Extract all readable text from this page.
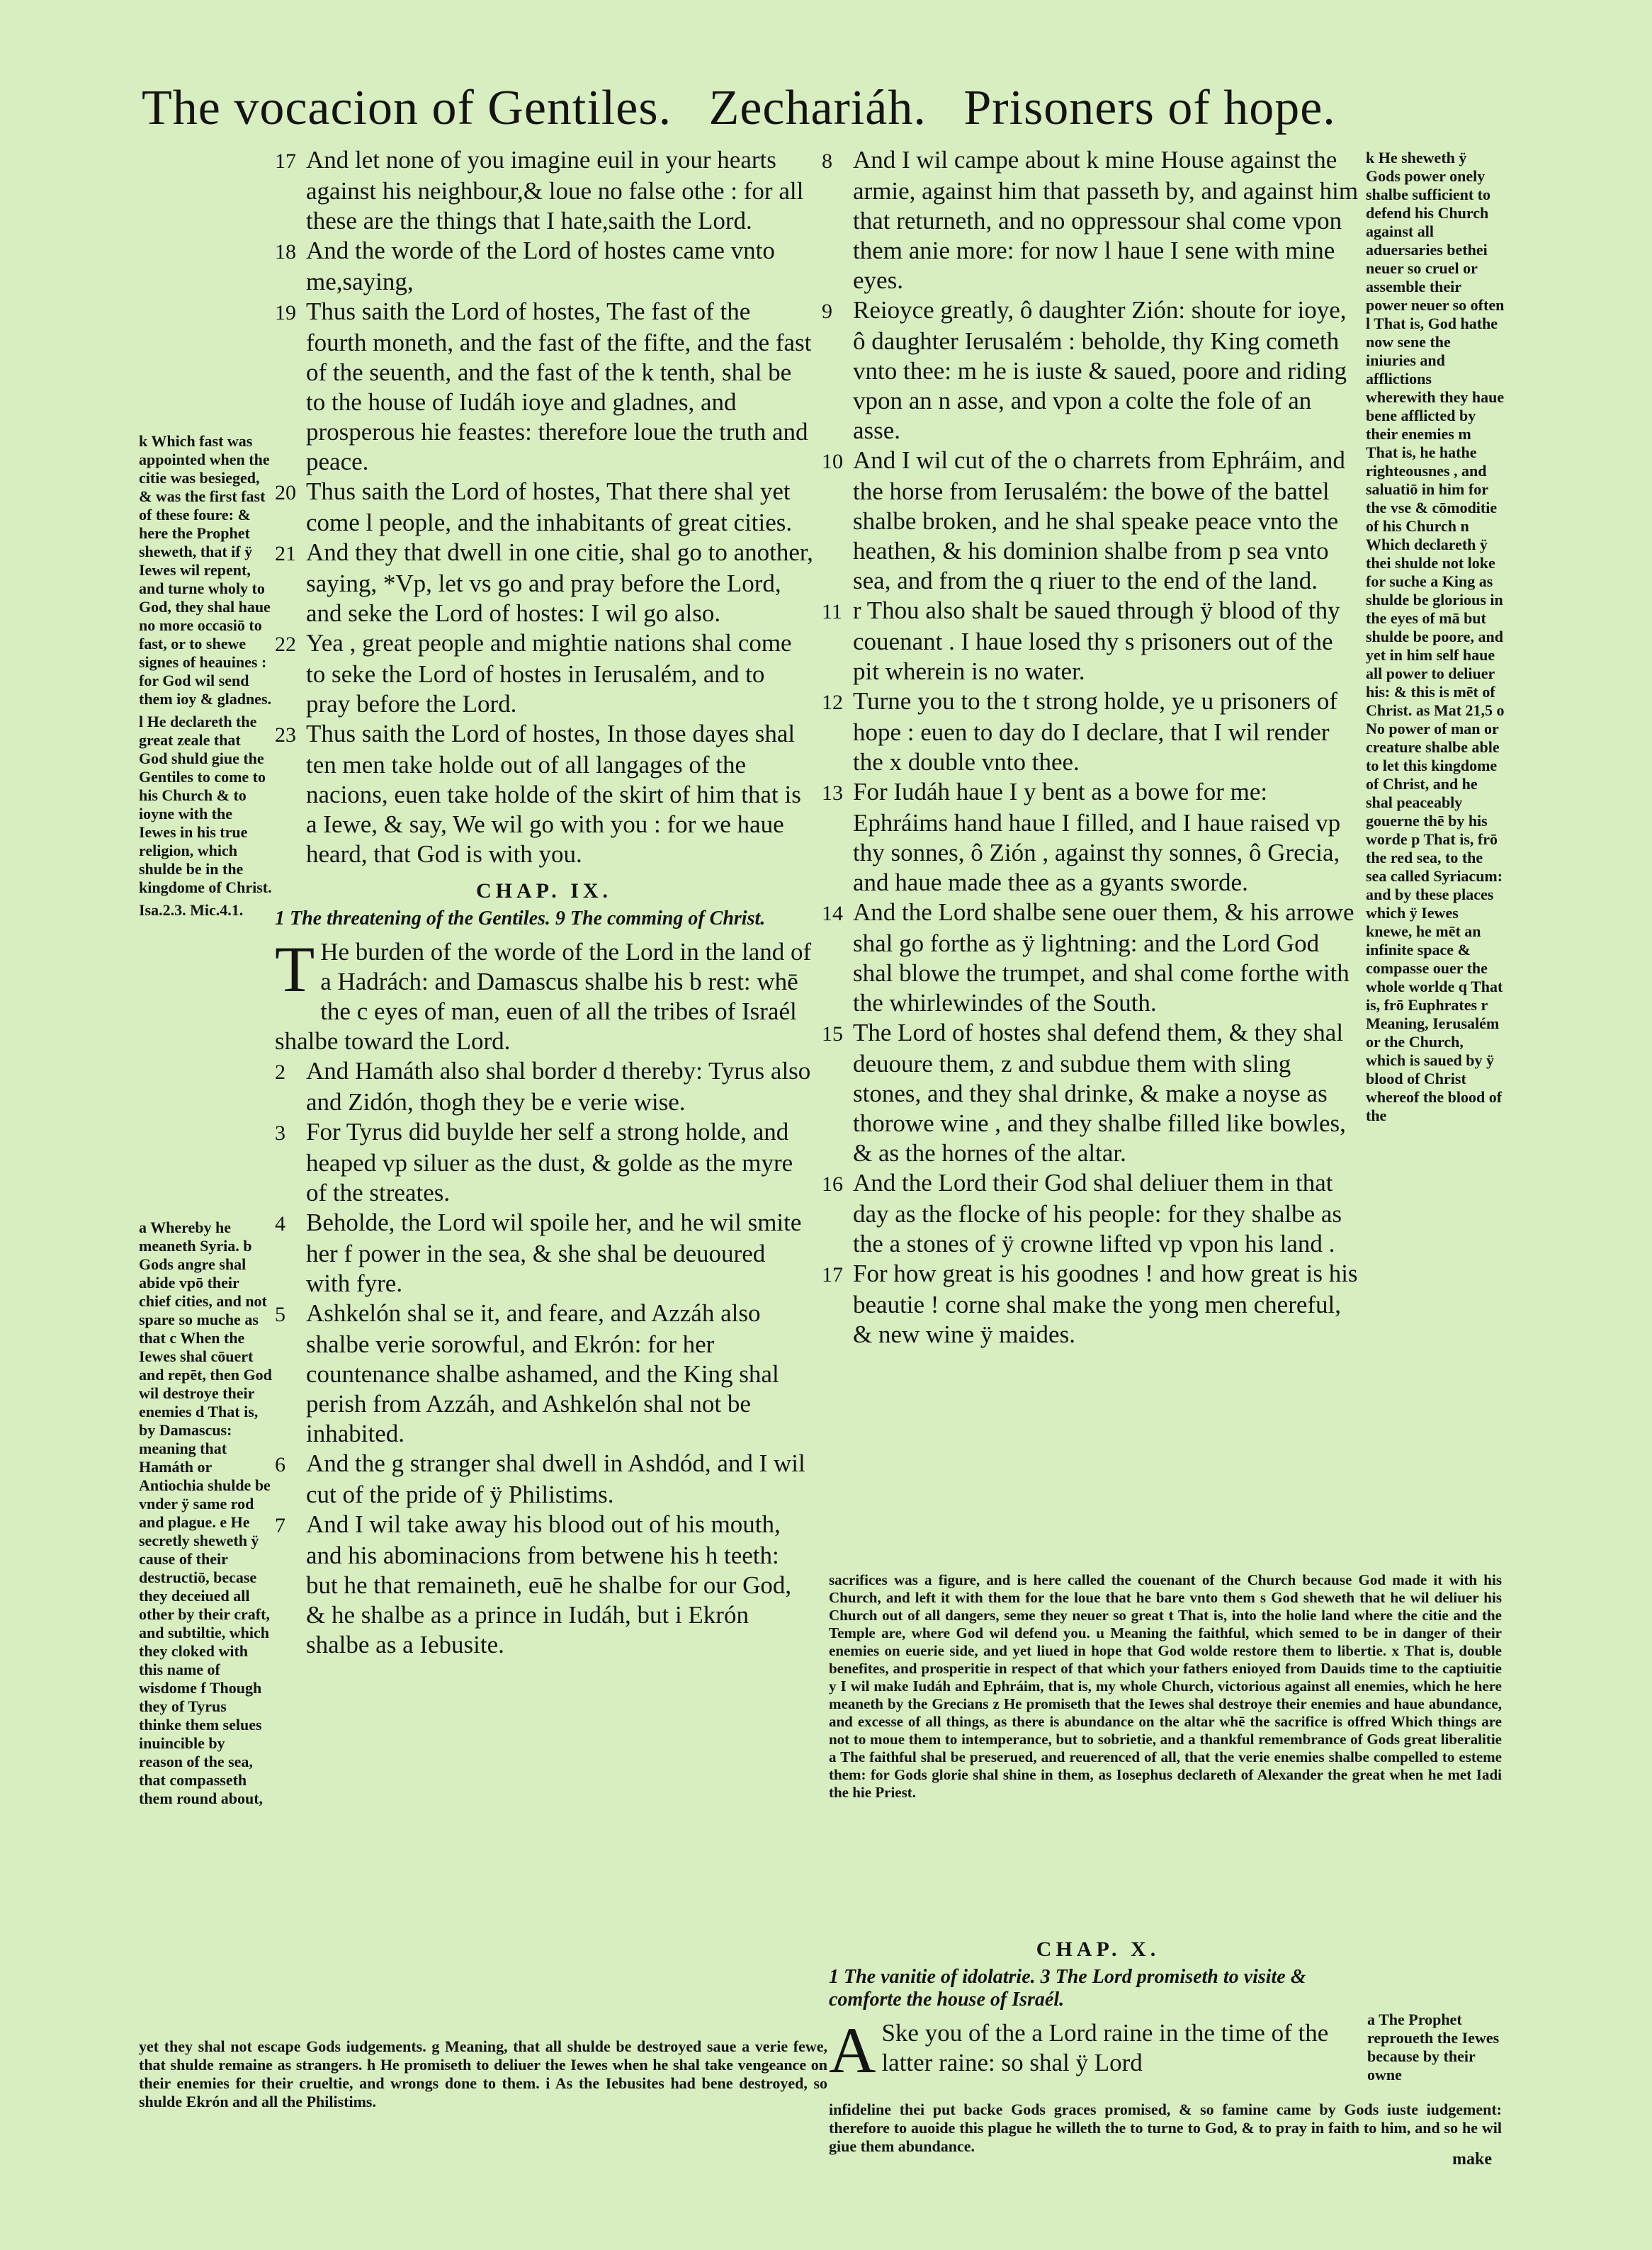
The vocacion of Gentiles. Zechariáh. Prisoners of hope.

k Which fast was appointed when the citie was besieged, & was the first fast of these foure: & here the Prophet sheweth, that if ÿ Iewes wil repent, and turne wholy to God, they shal haue no more occasiō to fast, or to shewe signes of heauines : for God wil send them ioy & gladnes.

l He declareth the great zeale that God shuld giue the Gentiles to come to his Church & to ioyne with the Iewes in his true religion, which shulde be in the kingdome of Christ.

Isa.2.3. Mic.4.1.

a Whereby he meaneth Syria. b Gods angre shal abide vpō their chief cities, and not spare so muche as that c When the Iewes shal cōuert and repēt, then God wil destroye their enemies d That is, by Damascus: meaning that Hamáth or Antiochia shulde be vnder ÿ same rod and plague. e He secretly sheweth ÿ cause of their destructiō, becase they deceiued all other by their craft, and subtiltie, which they cloked with this name of wisdome f Though they of Tyrus thinke them selues inuincible by reason of the sea, that compasseth them round about,

17 And let none of you imagine euil in your hearts against his neighbour,& loue no false othe : for all these are the things that I hate,saith the Lord.

18 And the worde of the Lord of hostes came vnto me,saying,

19 Thus saith the Lord of hostes, The fast of the fourth moneth, and the fast of the fifte, and the fast of the seuenth, and the fast of the k tenth, shal be to the house of Iudáh ioye and gladnes, and prosperous hie feastes: therefore loue the truth and peace.

20 Thus saith the Lord of hostes, That there shal yet come l people, and the inhabitants of great cities.

21 And they that dwell in one citie, shal go to another, saying, *Vp, let vs go and pray before the Lord, and seke the Lord of hostes: I wil go also.

22 Yea , great people and mightie nations shal come to seke the Lord of hostes in Ierusalém, and to pray before the Lord.

23 Thus saith the Lord of hostes, In those dayes shal ten men take holde out of all langages of the nacions, euen take holde of the skirt of him that is a Iewe, & say, We wil go with you : for we haue heard, that God is with you.

CHAP. IX.

1 The threatening of the Gentiles. 9 The comming of Christ.

T He burden of the worde of the Lord in the land of a Hadrách: and Damascus shalbe his b rest: whē the c eyes of man, euen of all the tribes of Israél shalbe toward the Lord.

2 And Hamáth also shal border d thereby: Tyrus also and Zidón, thogh they be e verie wise.

3 For Tyrus did buylde her self a strong holde, and heaped vp siluer as the dust, & golde as the myre of the streates.

4 Beholde, the Lord wil spoile her, and he wil smite her f power in the sea, & she shal be deuoured with fyre.

5 Ashkelón shal se it, and feare, and Azzáh also shalbe verie sorowful, and Ekrón: for her countenance shalbe ashamed, and the King shal perish from Azzáh, and Ashkelón shal not be inhabited.

6 And the g stranger shal dwell in Ashdód, and I wil cut of the pride of ÿ Philistims.

7 And I wil take away his blood out of his mouth, and his abominacions from betwene his h teeth: but he that remaineth, euē he shalbe for our God, & he shalbe as a prince in Iudáh, but i Ekrón shalbe as a Iebusite.

yet they shal not escape Gods iudgements. g Meaning, that all shulde be destroyed saue a verie fewe, that shulde remaine as strangers. h He promiseth to deliuer the Iewes when he shal take vengeance on their enemies for their crueltie, and wrongs done to them. i As the Iebusites had bene destroyed, so shulde Ekrón and all the Philistims.

8 And I wil campe about k mine House against the armie, against him that passeth by, and against him that returneth, and no oppressour shal come vpon them anie more: for now l haue I sene with mine eyes.

9 Reioyce greatly, ô daughter Zión: shoute for ioye, ô daughter Ierusalém : beholde, thy King cometh vnto thee: m he is iuste & saued, poore and riding vpon an n asse, and vpon a colte the fole of an asse.

10 And I wil cut of the o charrets from Ephráim, and the horse from Ierusalém: the bowe of the battel shalbe broken, and he shal speake peace vnto the heathen, & his dominion shalbe from p sea vnto sea, and from the q riuer to the end of the land.

11 r Thou also shalt be saued through ÿ blood of thy couenant . I haue losed thy s prisoners out of the pit wherein is no water.

12 Turne you to the t strong holde, ye u prisoners of hope : euen to day do I declare, that I wil render the x double vnto thee.

13 For Iudáh haue I y bent as a bowe for me: Ephráims hand haue I filled, and I haue raised vp thy sonnes, ô Zión , against thy sonnes, ô Grecia, and haue made thee as a gyants sworde.

14 And the Lord shalbe sene ouer them, & his arrowe shal go forthe as ÿ lightning: and the Lord God shal blowe the trumpet, and shal come forthe with the whirlewindes of the South.

15 The Lord of hostes shal defend them, & they shal deuoure them, z and subdue them with sling stones, and they shal drinke, & make a noyse as thorowe wine , and they shalbe filled like bowles, & as the hornes of the altar.

16 And the Lord their God shal deliuer them in that day as the flocke of his people: for they shalbe as the a stones of ÿ crowne lifted vp vpon his land .

17 For how great is his goodnes ! and how great is his beautie ! corne shal make the yong men chereful, & new wine ÿ maides.

k He sheweth ÿ Gods power onely shalbe sufficient to defend his Church against all aduersaries bethei neuer so cruel or assemble their power neuer so often l That is, God hathe now sene the iniuries and afflictions wherewith they haue bene afflicted by their enemies m That is, he hathe righteousnes , and saluatiō in him for the vse & cōmoditie of his Church n Which declareth ÿ thei shulde not loke for suche a King as shulde be glorious in the eyes of mā but shulde be poore, and yet in him self haue all power to deliuer his: & this is mēt of Christ. as Mat 21,5 o No power of man or creature shalbe able to let this kingdome of Christ, and he shal peaceably gouerne thē by his worde p That is, frō the red sea, to the sea called Syriacum: and by these places which ÿ Iewes knewe, he mēt an infinite space & compasse ouer the whole worlde q That is, frō Euphrates r Meaning, Ierusalém or the Church, which is saued by ÿ blood of Christ whereof the blood of the

sacrifices was a figure, and is here called the couenant of the Church because God made it with his Church, and left it with them for the loue that he bare vnto them s God sheweth that he wil deliuer his Church out of all dangers, seme they neuer so great t That is, into the holie land where the citie and the Temple are, where God wil defend you. u Meaning the faithful, which semed to be in danger of their enemies on euerie side, and yet liued in hope that God wolde restore them to libertie. x That is, double benefites, and prosperitie in respect of that which your fathers enioyed from Dauids time to the captiuitie y I wil make Iudáh and Ephráim, that is, my whole Church, victorious against all enemies, which he here meaneth by the Grecians z He promiseth that the Iewes shal destroye their enemies and haue abundance, and excesse of all things, as there is abundance on the altar whē the sacrifice is offred Which things are not to moue them to intemperance, but to sobrietie, and a thankful remembrance of Gods great liberalitie a The faithful shal be preserued, and reuerenced of all, that the verie enemies shalbe compelled to esteme them: for Gods glorie shal shine in them, as Iosephus declareth of Alexander the great when he met Iadi the hie Priest.

CHAP. X.

1 The vanitie of idolatrie. 3 The Lord promiseth to visite & comforte the house of Israél.

A Ske you of the a Lord raine in the time of the latter raine: so shal ÿ Lord

a The Prophet reproueth the Iewes because by their owne

infideline thei put backe Gods graces promised, & so famine came by Gods iuste iudgement: therefore to auoide this plague he willeth the to turne to God, & to pray in faith to him, and so he wil giue them abundance.

make
